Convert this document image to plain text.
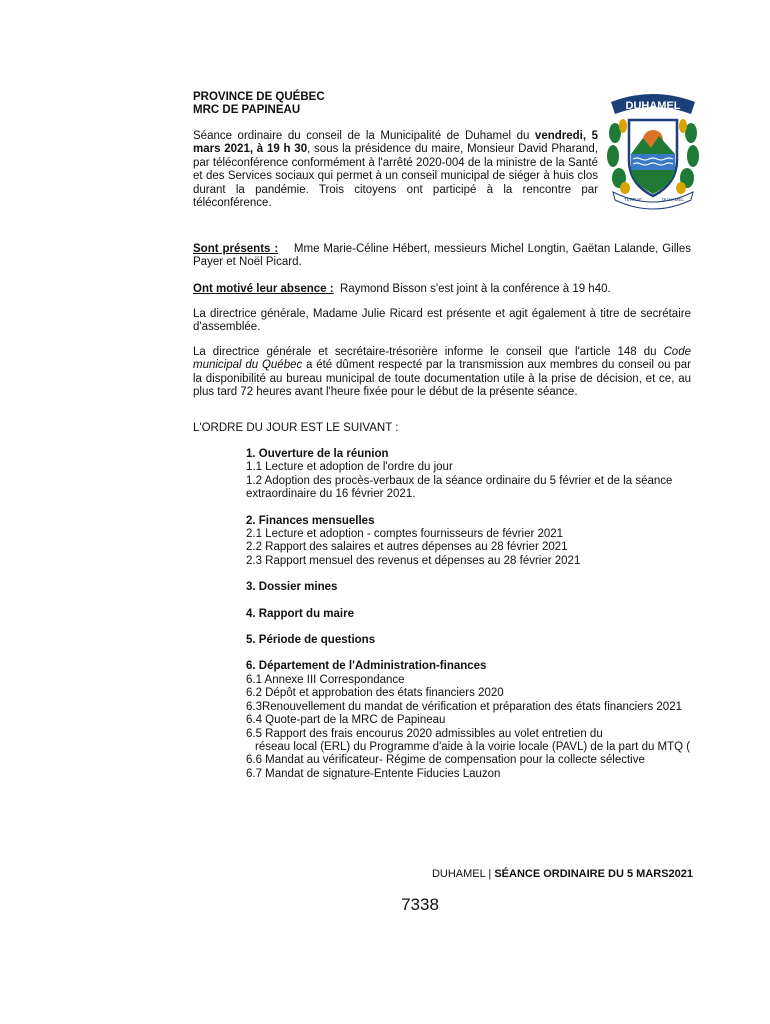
PROVINCE DE QUÉBEC
MRC DE PAPINEAU	DUHAMEL
TERRAE	DUHAMEL
Séance ordinaire du conseil de la Municipalité de Duhamel du vendredi, 5 mars 2021, à 19 h 30, sous la présidence du maire, Monsieur David Pharand, par téléconférence conformément à l'arrêté 2020-004 de la ministre de la Santé et des Services sociaux qui permet à un conseil municipal de siéger à huis clos durant la pandémie. Trois citoyens ont participé à la rencontre par téléconférence.
Sont présents : Mme Marie-Céline Hébert, messieurs Michel Longtin, Gaëtan Lalande, Gilles Payer et Noël Picard.
Ont motivé leur absence : Raymond Bisson s'est joint à la conférence à 19 h40.
La directrice générale, Madame Julie Ricard est présente et agit également à titre de secrétaire d'assemblée.
La directrice générale et secrétaire-trésorière informe le conseil que l'article 148 du Code municipal du Québec a été dûment respecté par la transmission aux membres du conseil ou par la disponibilité au bureau municipal de toute documentation utile à la prise de décision, et ce, au plus tard 72 heures avant l'heure fixée pour le début de la présente séance.
L'ORDRE DU JOUR EST LE SUIVANT :
1. Ouverture de la réunion
1.1 Lecture et adoption de l'ordre du jour
1.2 Adoption des procès-verbaux de la séance ordinaire du 5 février et de la séance extraordinaire du 16 février 2021.
2. Finances mensuelles
2.1 Lecture et adoption - comptes fournisseurs de février 2021
2.2 Rapport des salaires et autres dépenses au 28 février 2021
2.3 Rapport mensuel des revenus et dépenses au 28 février 2021
3. Dossier mines
4. Rapport du maire
5. Période de questions
6. Département de l'Administration-finances
6.1 Annexe III Correspondance
6.2 Dépôt et approbation des états financiers 2020
6.3Renouvellement du mandat de vérification et préparation des états financiers 2021
6.4 Quote-part de la MRC de Papineau
6.5 Rapport des frais encourus 2020 admissibles au volet entretien du
réseau local (ERL) du Programme d'aide à la voirie locale (PAVL) de la part du MTQ (
6.6 Mandat au vérificateur- Régime de compensation pour la collecte sélective
6.7 Mandat de signature-Entente Fiducies Lauzon
DUHAMEL | SÉANCE ORDINAIRE DU 5 MARS2021
7338
